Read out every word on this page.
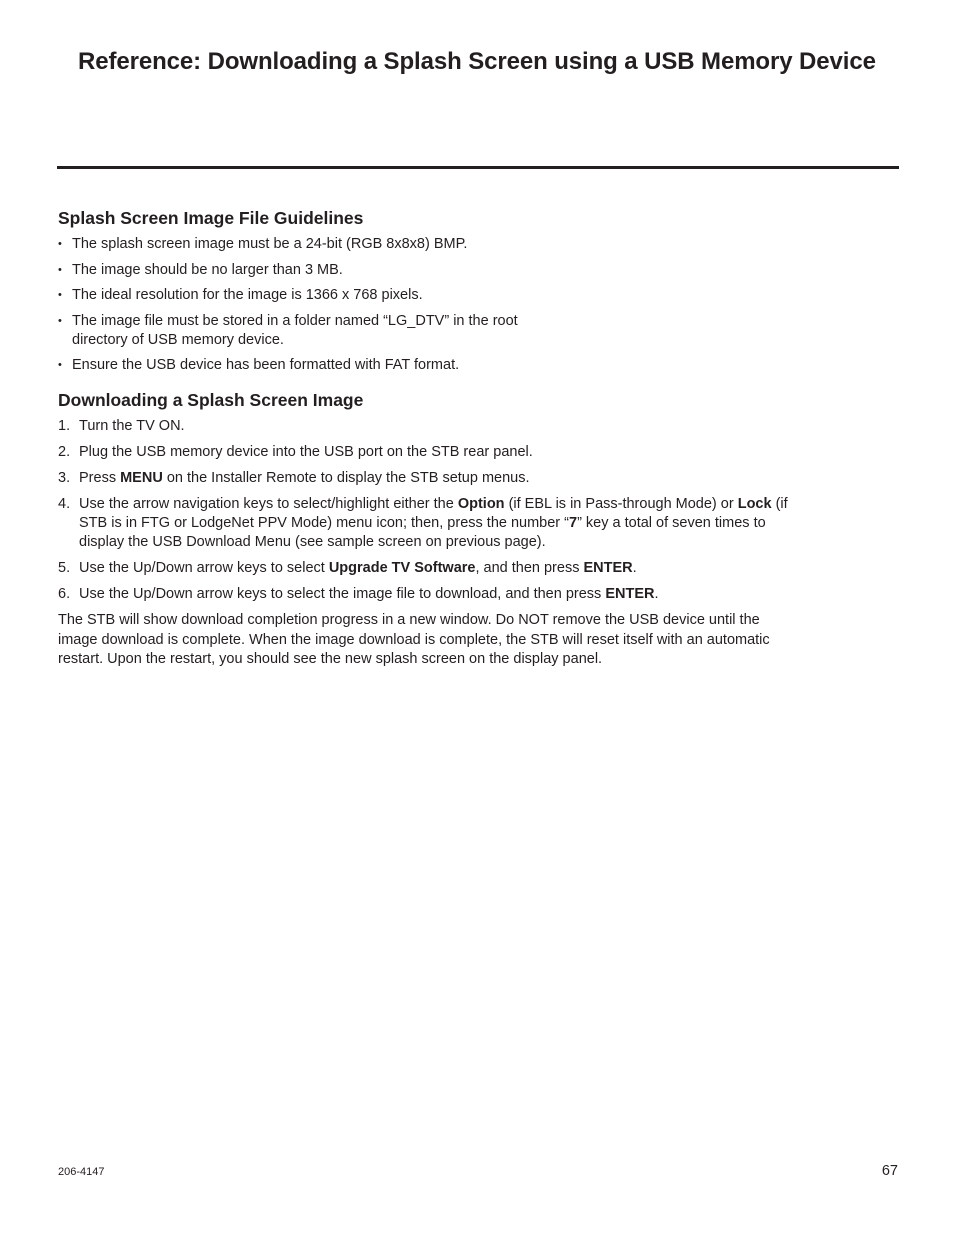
Reference: Downloading a Splash Screen using a USB Memory Device
Splash Screen Image File Guidelines
• The splash screen image must be a 24-bit (RGB 8x8x8) BMP.
• The image should be no larger than 3 MB.
• The ideal resolution for the image is 1366 x 768 pixels.
• The image file must be stored in a folder named “LG_DTV” in the root directory of USB memory device.
• Ensure the USB device has been formatted with FAT format.
Downloading a Splash Screen Image
1. Turn the TV ON.
2. Plug the USB memory device into the USB port on the STB rear panel.
3. Press MENU on the Installer Remote to display the STB setup menus.
4. Use the arrow navigation keys to select/highlight either the Option (if EBL is in Pass-through Mode) or Lock (if STB is in FTG or LodgeNet PPV Mode) menu icon; then, press the number “7” key a total of seven times to display the USB Download Menu (see sample screen on previous page).
5. Use the Up/Down arrow keys to select Upgrade TV Software, and then press ENTER.
6. Use the Up/Down arrow keys to select the image file to download, and then press ENTER.

The STB will show download completion progress in a new window. Do NOT remove the USB device until the image download is complete. When the image download is complete, the STB will reset itself with an automatic restart. Upon the restart, you should see the new splash screen on the display panel.

206-4147	67
